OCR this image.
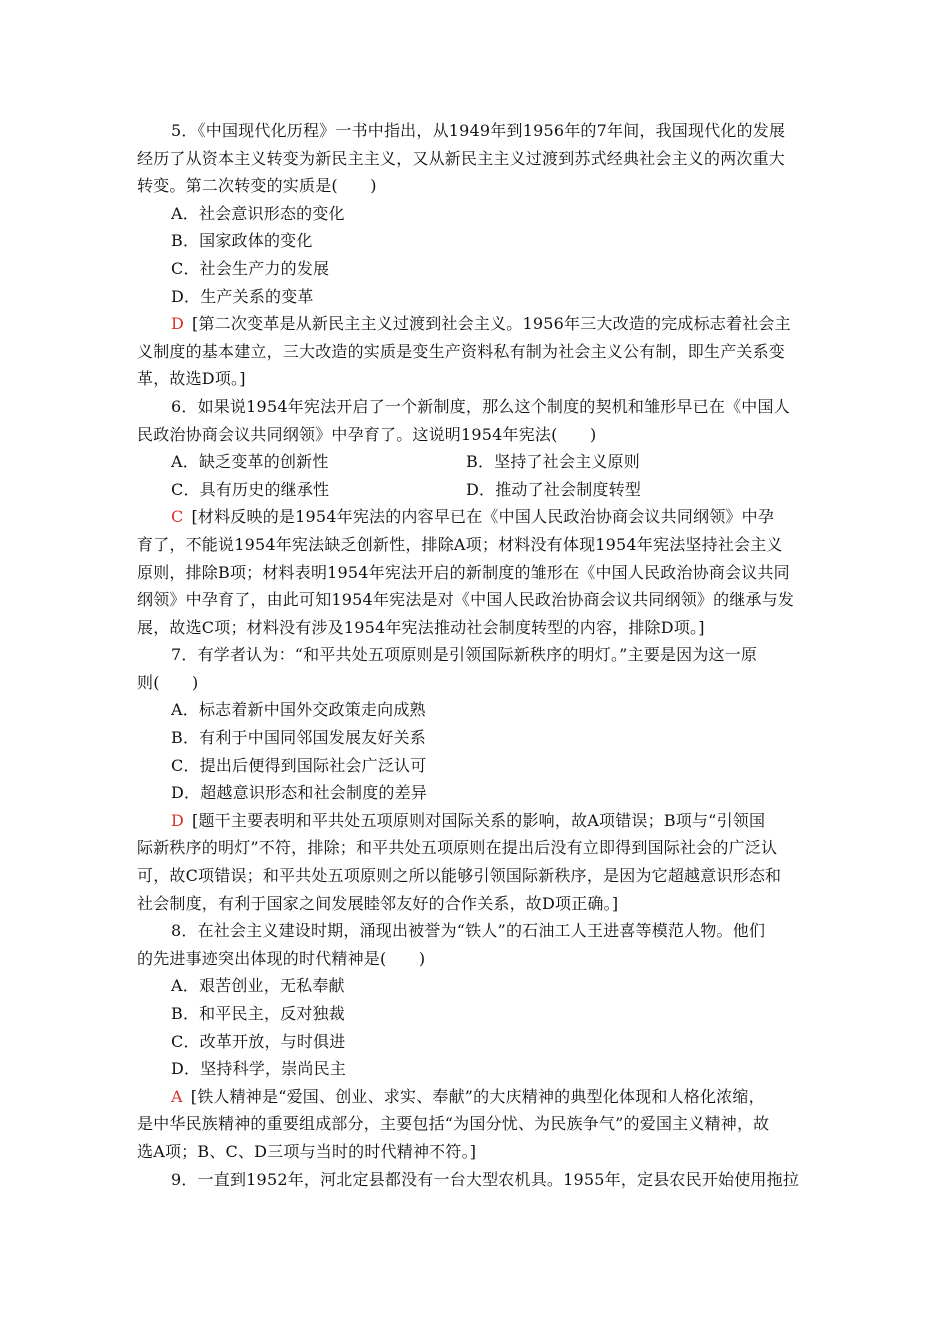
5．《中国现代化历程》一书中指出，从1949年到1956年的7年间，我国现代化的发展
经历了从资本主义转变为新民主主义，又从新民主主义过渡到苏式经典社会主义的两次重大
转变。第二次转变的实质是(　　)
A．社会意识形态的变化
B．国家政体的变化
C．社会生产力的发展
D．生产关系的变革
D [第二次变革是从新民主主义过渡到社会主义。1956年三大改造的完成标志着社会主
义制度的基本建立，三大改造的实质是变生产资料私有制为社会主义公有制，即生产关系变
革，故选D项。]
6．如果说1954年宪法开启了一个新制度，那么这个制度的契机和雏形早已在《中国人
民政治协商会议共同纲领》中孕育了。这说明1954年宪法(　　)
A．缺乏变革的创新性	B．坚持了社会主义原则
C．具有历史的继承性	D．推动了社会制度转型
C [材料反映的是1954年宪法的内容早已在《中国人民政治协商会议共同纲领》中孕
育了，不能说1954年宪法缺乏创新性，排除A项；材料没有体现1954年宪法坚持社会主义
原则，排除B项；材料表明1954年宪法开启的新制度的雏形在《中国人民政治协商会议共同
纲领》中孕育了，由此可知1954年宪法是对《中国人民政治协商会议共同纲领》的继承与发
展，故选C项；材料没有涉及1954年宪法推动社会制度转型的内容，排除D项。]
7．有学者认为：“和平共处五项原则是引领国际新秩序的明灯。”主要是因为这一原
则(　　)
A．标志着新中国外交政策走向成熟
B．有利于中国同邻国发展友好关系
C．提出后便得到国际社会广泛认可
D．超越意识形态和社会制度的差异
D [题干主要表明和平共处五项原则对国际关系的影响，故A项错误；B项与“引领国
际新秩序的明灯”不符，排除；和平共处五项原则在提出后没有立即得到国际社会的广泛认
可，故C项错误；和平共处五项原则之所以能够引领国际新秩序，是因为它超越意识形态和
社会制度，有利于国家之间发展睦邻友好的合作关系，故D项正确。]
8．在社会主义建设时期，涌现出被誉为“铁人”的石油工人王进喜等模范人物。他们
的先进事迹突出体现的时代精神是(　　)
A．艰苦创业，无私奉献
B．和平民主，反对独裁
C．改革开放，与时俱进
D．坚持科学，崇尚民主
A [铁人精神是“爱国、创业、求实、奉献”的大庆精神的典型化体现和人格化浓缩，
是中华民族精神的重要组成部分，主要包括“为国分忧、为民族争气”的爱国主义精神，故
选A项；B、C、D三项与当时的时代精神不符。]
9．一直到1952年，河北定县都没有一台大型农机具。1955年，定县农民开始使用拖拉
